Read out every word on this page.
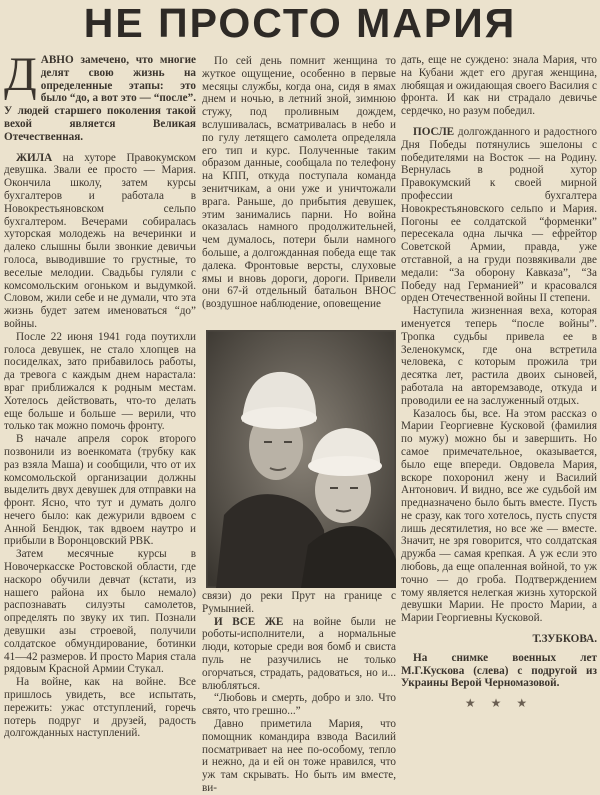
НЕ ПРОСТО МАРИЯ

ДАВНО замечено, что многие делят свою жизнь на определенные этапы: это было “до, а вот это — “после”. У людей старшего поколения такой вехой является Великая Отечественная.

ЖИЛА на хуторе Правокумском девушка. Звали ее просто — Мария. Окончила школу, затем курсы бухгалтеров и работала в Новокрестьяновском сельпо бухгалтером. Вечерами собиралась хуторская молодежь на вечеринки и далеко слышны были звонкие девичьи голоса, выводившие то грустные, то веселые мелодии. Свадьбы гуляли с комсомольским огоньком и выдумкой. Словом, жили себе и не думали, что эта жизнь будет затем именоваться “до” войны.

После 22 июня 1941 года поутихли голоса девушек, не стало хлопцев на посиделках, зато прибавилось работы, да тревога с каждым днем нарастала: враг приближался к родным местам. Хотелось действовать, что-то делать еще больше и больше — верили, что только так можно помочь фронту.

В начале апреля сорок второго позвонили из военкомата (трубку как раз взяла Маша) и сообщили, что от их комсомольской организации должны выделить двух девушек для отправки на фронт. Ясно, что тут и думать долго нечего было: как дежурили вдвоем с Анной Бендюк, так вдвоем наутро и прибыли в Воронцовский РВК.

Затем месячные курсы в Новочеркасске Ростовской области, где наскоро обучили девчат (кстати, из нашего района их было немало) распознавать силуэты самолетов, определять по звуку их тип. Познали девушки азы строевой, получили солдатское обмундирование, ботинки 41—42 размеров. И просто Мария стала рядовым Красной Армии Стукал.

На войне, как на войне. Все пришлось увидеть, все испытать, пережить: ужас отступлений, горечь потерь подруг и друзей, радость долгожданных наступлений.

По сей день помнит женщина то жуткое ощущение, особенно в первые месяцы службы, когда она, сидя в ямах днем и ночью, в летний зной, зимнюю стужу, под проливным дождем, вслушивалась, всматривалась в небо и по гулу летящего самолета определяла его тип и курс. Полученные таким образом данные, сообщала по телефону на КПП, откуда поступала команда зенитчикам, а они уже и уничтожали врага. Раньше, до прибытия девушек, этим занимались парни. Но война оказалась намного продолжительней, чем думалось, потери были намного больше, а долгожданная победа еще так далека. Фронтовые версты, слуховые ямы и вновь дороги, дороги. Привели они 67-й отдельный батальон ВНОС (воздушное наблюдение, оповещение

связи) до реки Прут на границе с Румынией.

И ВСЕ ЖЕ на войне были не роботы-исполнители, а нормальные люди, которые среди воя бомб и свиста пуль не разучились не только огорчаться, страдать, радоваться, но и... влюбляться.

“Любовь и смерть, добро и зло. Что свято, что грешно...”

Давно приметила Мария, что помощник командира взвода Василий посматривает на нее по-особому, тепло и нежно, да и ей он тоже нравился, что уж там скрывать. Но быть им вместе, ви-

дать, еще не суждено: знала Мария, что на Кубани ждет его другая женщина, любящая и ожидающая своего Василия с фронта. И как ни страдало девичье сердечко, но разум победил.

ПОСЛЕ долгожданного и радостного Дня Победы потянулись эшелоны с победителями на Восток — на Родину. Вернулась в родной хутор Правокумский к своей мирной профессии бухгалтера Новокрестьяновского сельпо и Мария. Погоны ее солдатской “форменки” пересекала одна лычка — ефрейтор Советской Армии, правда, уже отставной, а на груди позвякивали две медали: “За оборону Кавказа”, “За Победу над Германией” и красовался орден Отечественной войны II степени.

Наступила жизненная веха, которая именуется теперь “после войны”. Тропка судьбы привела ее в Зеленокумск, где она встретила человека, с которым прожила три десятка лет, растила двоих сыновей, работала на авторемзаводе, откуда и проводили ее на заслуженный отдых.

Казалось бы, все. На этом рассказ о Марии Георгиевне Кусковой (фамилия по мужу) можно бы и завершить. Но самое примечательное, оказывается, было еще впереди. Овдовела Мария, вскоре похоронил жену и Василий Антонович. И видно, все же судьбой им предназначено было быть вместе. Пусть не сразу, как того хотелось, пусть спустя лишь десятилетия, но все же — вместе. Значит, не зря говорится, что солдатская дружба — самая крепкая. А уж если это любовь, да еще опаленная войной, то уж точно — до гроба. Подтверждением тому является нелегкая жизнь хуторской девушки Марии. Не просто Марии, а Марии Георгиевны Кусковой.

Т.ЗУБКОВА.

На снимке военных лет М.Г.Кускова (слева) с подругой из Украины Верой Черномазовой.

★ ★ ★
